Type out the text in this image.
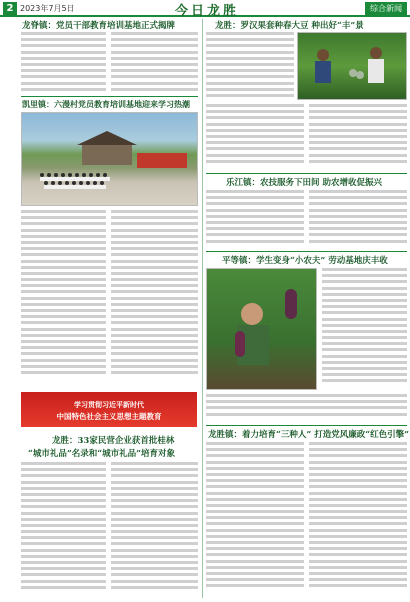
2 2023年7月5日	今日龙胜	综合新闻
龙脊镇：党员干部教育培训基地正式揭牌
凯里镇：六漫村党员教育培训基地迎来学习热潮
学习贯彻习近平新时代
中国特色社会主义思想主题教育
龙胜：33家民营企业获首批桂林
“城市礼品”名录和“城市礼品”培育对象
龙胜：罗汉果套种春大豆 种出好“丰”景
乐江镇：农技服务下田间 助农增收促振兴
平等镇：学生变身“小农夫” 劳动基地庆丰收
龙胜镇：着力培育“三种人” 打造党风廉政“红色引擎”
